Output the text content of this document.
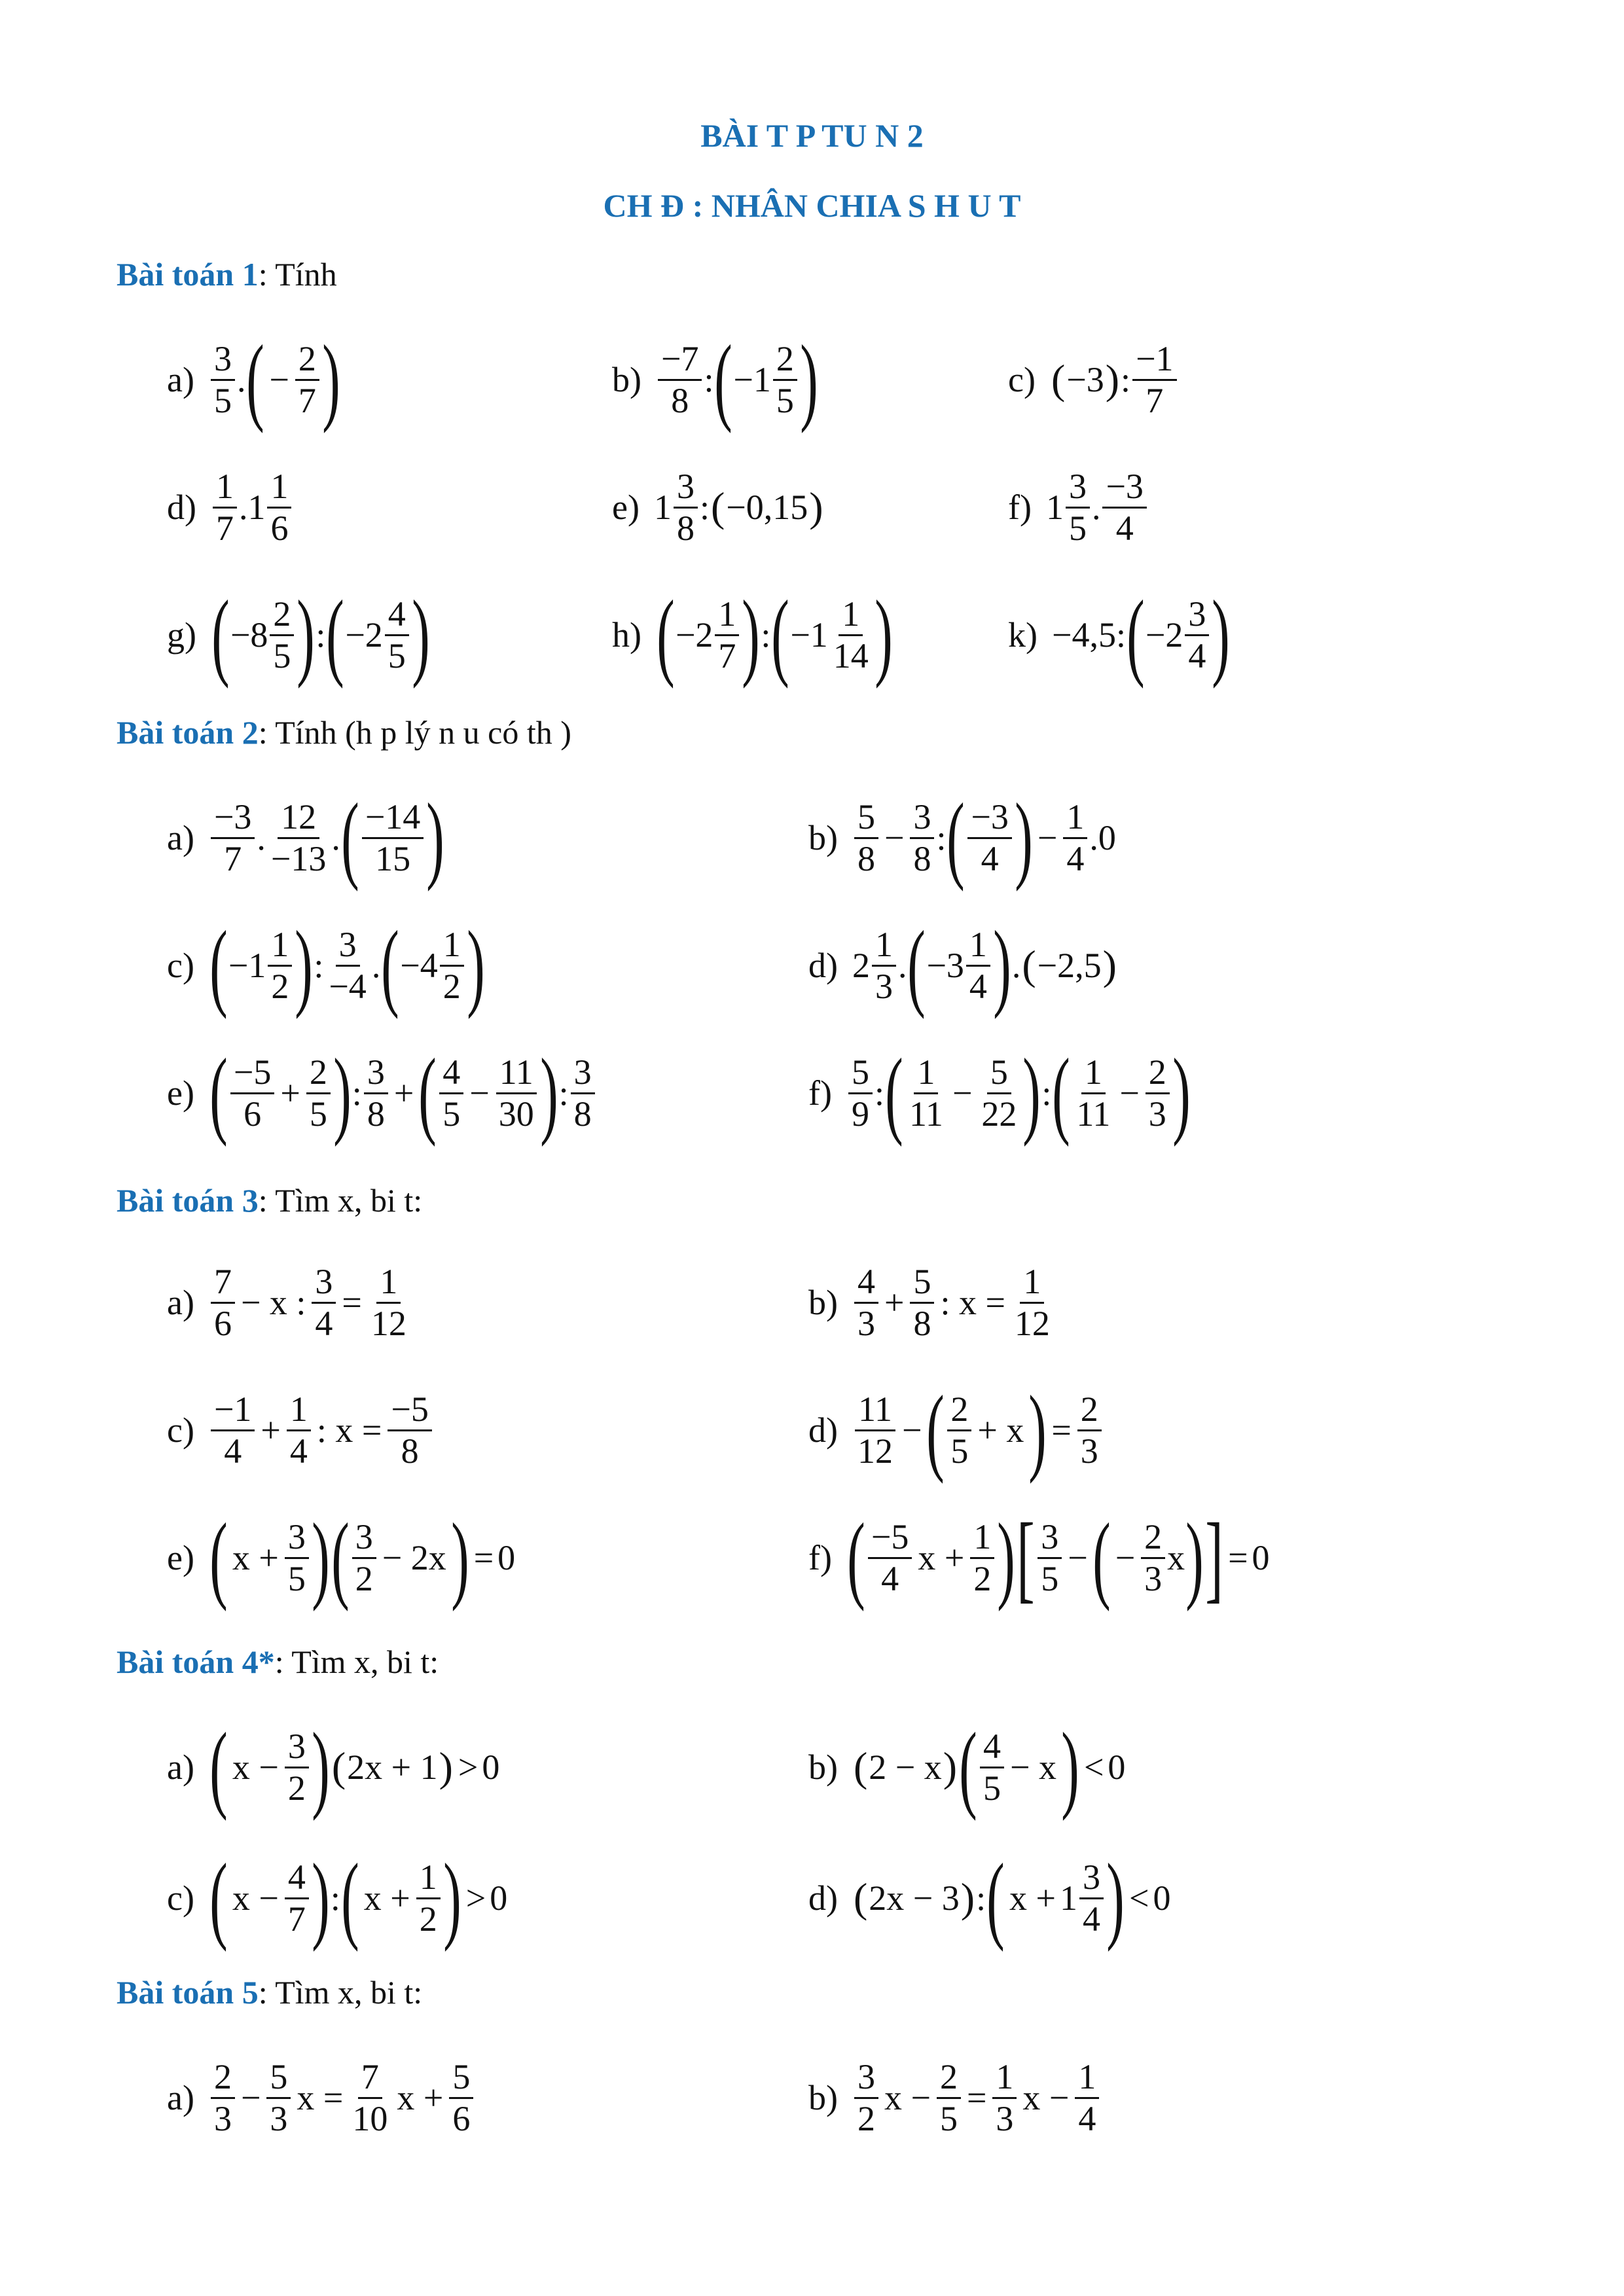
BÀI T P TU N 2
CH Đ : NHÂN CHIA S H U T
Bài toán 1: Tính
$a) \frac{3}{5}$ . ( − $\frac{2}{7}$ )	$b) \frac{-7}{8}$ : ( $-1 \frac{2}{5}$ )	c) ( −3 ) : $\frac{-1}{7}$
$d) \frac{1}{7}$ . $1 \frac{1}{6}$	e) $1 \frac{3}{8}$ : ( −0,15 )	f) $1 \frac{3}{5}$ . $\frac{-3}{4}$
g) ( $-8 \frac{2}{5}$ ) : ( $-2 \frac{4}{5}$ )	h) ( $-2 \frac{1}{7}$ ) : ( $-1 \frac{1}{14}$ )	k) −4,5 : ( $-2 \frac{3}{4}$ )
Bài toán 2: Tính (h p lý n u có th )
$a) \frac{-3}{7}$ . $\frac{12}{-13}$ . ( $\frac{-14}{15}$ )	$b) \frac{5}{8} - \frac{3}{8}$ : ( $\frac{-3}{4}$ ) − $\frac{1}{4} .0$
c) ( $-1 \frac{1}{2}$ ) : $\frac{3}{-4}$ . ( $-4 \frac{1}{2}$ )	d) $2 \frac{1}{3}$ . ( $-3 \frac{1}{4}$ ) . ( −2,5 )
e) ( $\frac{-5}{6} + \frac{2}{5}$ ) : $\frac{3}{8}$ + ( $\frac{4}{5} - \frac{11}{30}$ ) : $\frac{3}{8}$	$f) \frac{5}{9}$ : ( $\frac{1}{11} - \frac{5}{22}$ ) : ( $\frac{1}{11} - \frac{2}{3}$ )
Bài toán 3: Tìm x, bi t:
$a) \frac{7}{6} - x$ : $\frac{3}{4} = \frac{1}{12}$	$b) \frac{4}{3} + \frac{5}{8}$ : $x = \frac{1}{12}$
$c) \frac{-1}{4} + \frac{1}{4}$ : $x = \frac{-5}{8}$	$d) \frac{11}{12}$ − ( $\frac{2}{5} + x$ ) = $\frac{2}{3}$
e) ( $x + \frac{3}{5}$ ) ( $\frac{3}{2} - 2x$ ) = 0	f) ( $\frac{-5}{4}$ $x + \frac{1}{2}$ ) [ $\frac{3}{5}$ − ( − $\frac{2}{3}$ x ) ] = 0
Bài toán 4*: Tìm x, bi t:
a) ( $x - \frac{3}{2}$ ) ( 2x + 1 ) > 0	b) ( 2 − x ) ( $\frac{4}{5} - x$ ) < 0
c) ( $x - \frac{4}{7}$ ) : ( $x + \frac{1}{2}$ ) > 0	d) ( 2x − 3 ) : ( $x + 1 \frac{3}{4}$ ) < 0
Bài toán 5: Tìm x, bi t:
$a) \frac{2}{3} - \frac{5}{3}$ $x = \frac{7}{10}$ $x + \frac{5}{6}$	$b) \frac{3}{2}$ $x - \frac{2}{5} = \frac{1}{3}$ $x - \frac{1}{4}$
